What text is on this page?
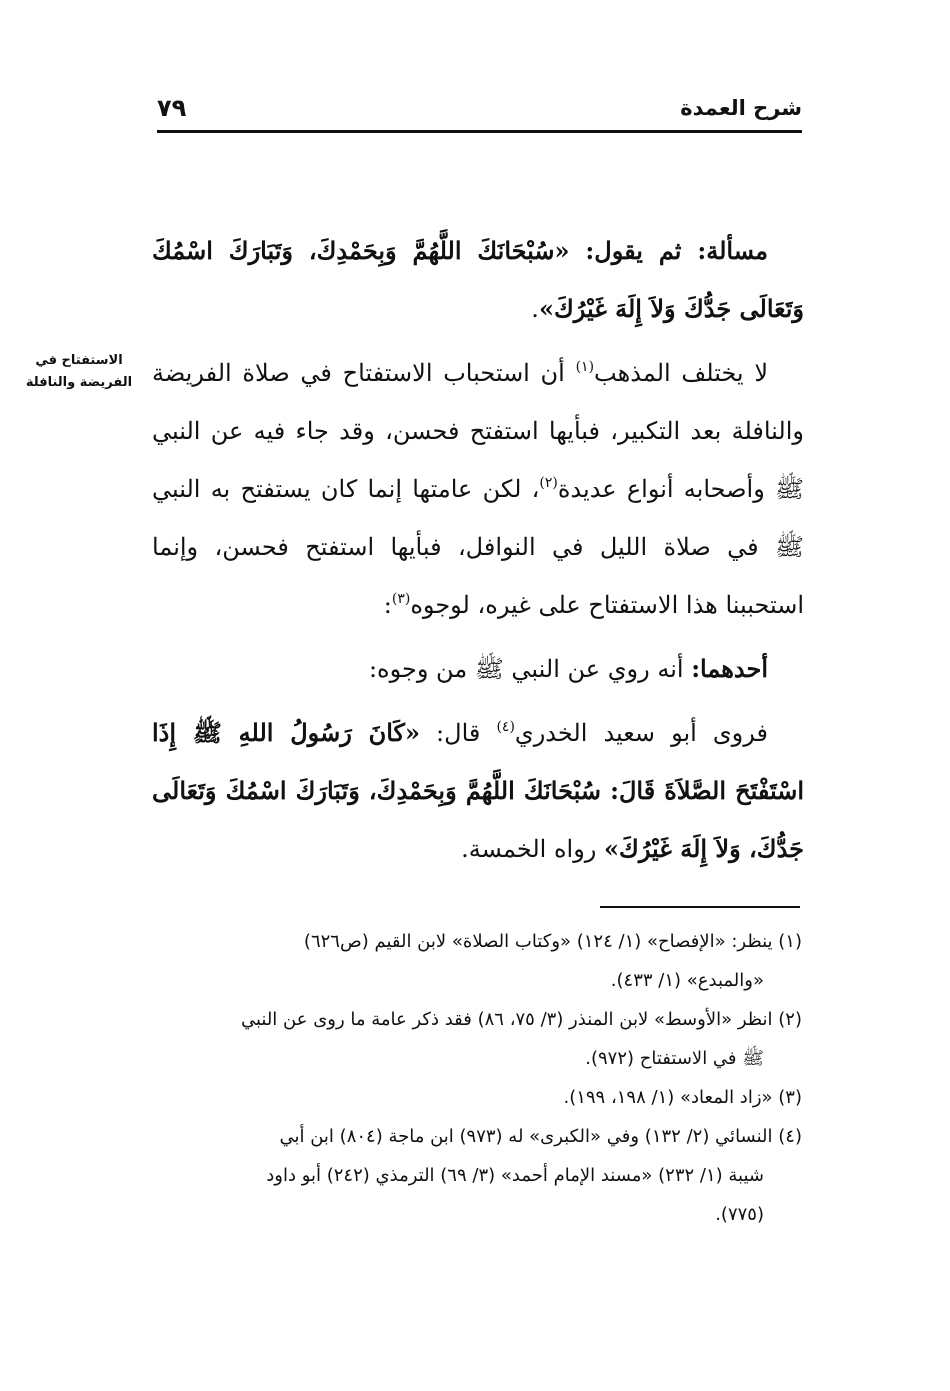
شرح العمدة
٧٩
الاستفتاح في الفريضة والنافلة

مسألة: ثم يقول: «سُبْحَانَكَ اللَّهُمَّ وَبِحَمْدِكَ، وَتَبَارَكَ اسْمُكَ وَتَعَالَى جَدُّكَ وَلاَ إِلَهَ غَيْرُكَ».

لا يختلف المذهب$^{(١)}$ أن استحباب الاستفتاح في صلاة الفريضة والنافلة بعد التكبير، فبأيها استفتح فحسن، وقد جاء فيه عن النبي ﷺ وأصحابه أنواع عديدة$^{(٢)}$، لكن عامتها إنما كان يستفتح به النبي ﷺ في صلاة الليل في النوافل، فبأيها استفتح فحسن، وإنما استحببنا هذا الاستفتاح على غيره، لوجوه$^{(٣)}$:

أحدهما: أنه روي عن النبي ﷺ من وجوه:

فروى أبو سعيد الخدري$^{(٤)}$ قال: «كَانَ رَسُولُ اللهِ ﷺ إِذَا اسْتَفْتَحَ الصَّلاَةَ قَالَ: سُبْحَانَكَ اللَّهُمَّ وَبِحَمْدِكَ، وَتَبَارَكَ اسْمُكَ وَتَعَالَى جَدُّكَ، وَلاَ إِلَهَ غَيْرُكَ» رواه الخمسة.

(١) ينظر: «الإفصاح» (١/ ١٢٤) «وكتاب الصلاة» لابن القيم (ص٦٢٦)

«والمبدع» (١/ ٤٣٣).

(٢) انظر «الأوسط» لابن المنذر (٣/ ٧٥، ٨٦) فقد ذكر عامة ما روى عن النبي

ﷺ في الاستفتاح (٩٧٢).

(٣) «زاد المعاد» (١/ ١٩٨، ١٩٩).

(٤) النسائي (٢/ ١٣٢) وفي «الكبرى» له (٩٧٣) ابن ماجة (٨٠٤) ابن أبي

شيبة (١/ ٢٣٢) «مسند الإمام أحمد» (٣/ ٦٩) الترمذي (٢٤٢) أبو داود

(٧٧٥).
